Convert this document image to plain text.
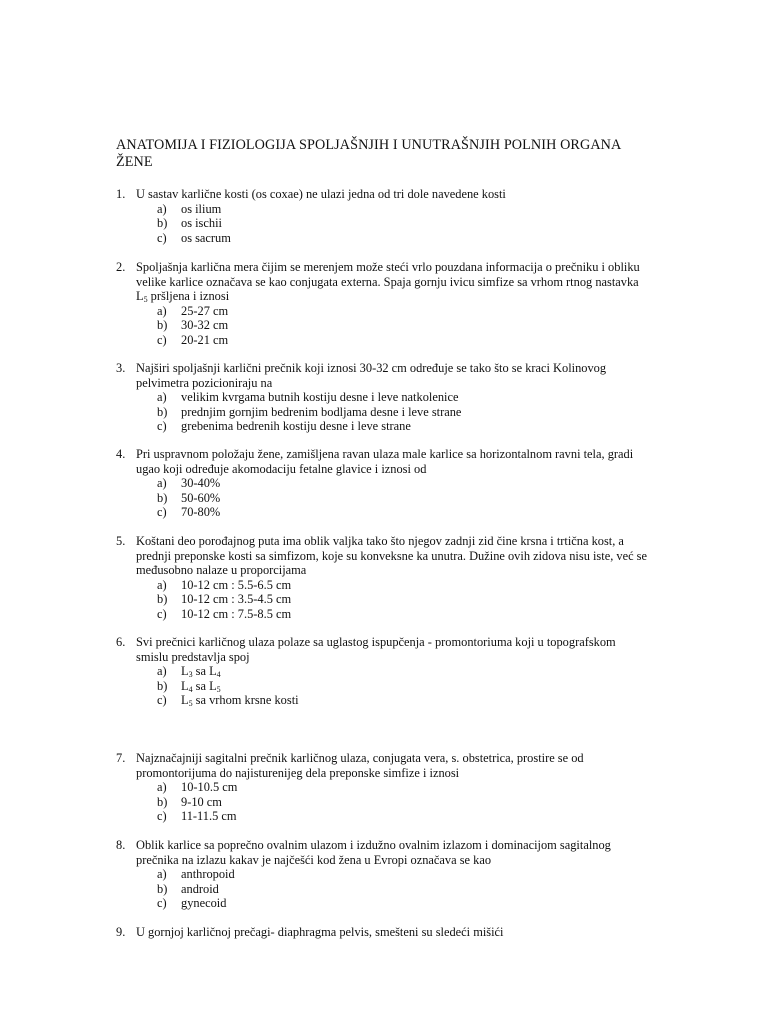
ANATOMIJA I FIZIOLOGIJA SPOLJAŠNJIH I UNUTRAŠNJIH POLNIH ORGANA
ŽENE
1. U sastav karlične kosti (os coxae) ne ulazi jedna od tri dole navedene kosti
a) os ilium
b) os ischii
c) os sacrum
2. Spoljašnja karlična mera čijim se merenjem može steći vrlo pouzdana informacija o prečniku i obliku
velike karlice označava se kao conjugata externa. Spaja gornju ivicu simfize sa vrhom rtnog nastavka
$L_5$ pršljena i iznosi
a) 25-27 cm
b) 30-32 cm
c) 20-21 cm
3. Najširi spoljašnji karlični prečnik koji iznosi 30-32 cm određuje se tako što se kraci Kolinovog
pelvimetra pozicioniraju na
a) velikim kvrgama butnih kostiju desne i leve natkolenice
b) prednjim gornjim bedrenim bodljama desne i leve strane
c) grebenima bedrenih kostiju desne i leve strane
4. Pri uspravnom položaju žene, zamišljena ravan ulaza male karlice sa horizontalnom ravni tela, gradi
ugao koji određuje akomodaciju fetalne glavice i iznosi od
a) 30-40%
b) 50-60%
c) 70-80%
5. Koštani deo porođajnog puta ima oblik valjka tako što njegov zadnji zid čine krsna i trtična kost, a
prednji preponske kosti sa simfizom, koje su konveksne ka unutra. Dužine ovih zidova nisu iste, već se
međusobno nalaze u proporcijama
a) 10-12 cm : 5.5-6.5 cm
b) 10-12 cm : 3.5-4.5 cm
c) 10-12 cm : 7.5-8.5 cm
6. Svi prečnici karličnog ulaza polaze sa uglastog ispupčenja - promontoriuma koji u topografskom
smislu predstavlja spoj
a) $L_3$ sa $L_4$
b) $L_4$ sa $L_5$
c) $L_5$ sa vrhom krsne kosti
7. Najznačajniji sagitalni prečnik karličnog ulaza, conjugata vera, s. obstetrica, prostire se od
promontorijuma do najisturenijeg dela preponske simfize i iznosi
a) 10-10.5 cm
b) 9-10 cm
c) 11-11.5 cm
8. Oblik karlice sa poprečno ovalnim ulazom i izdužno ovalnim izlazom i dominacijom sagitalnog
prečnika na izlazu kakav je najčešći kod žena u Evropi označava se kao
a) anthropoid
b) android
c) gynecoid
9. U gornjoj karličnoj prečagi- diaphragma pelvis, smešteni su sledeći mišići
